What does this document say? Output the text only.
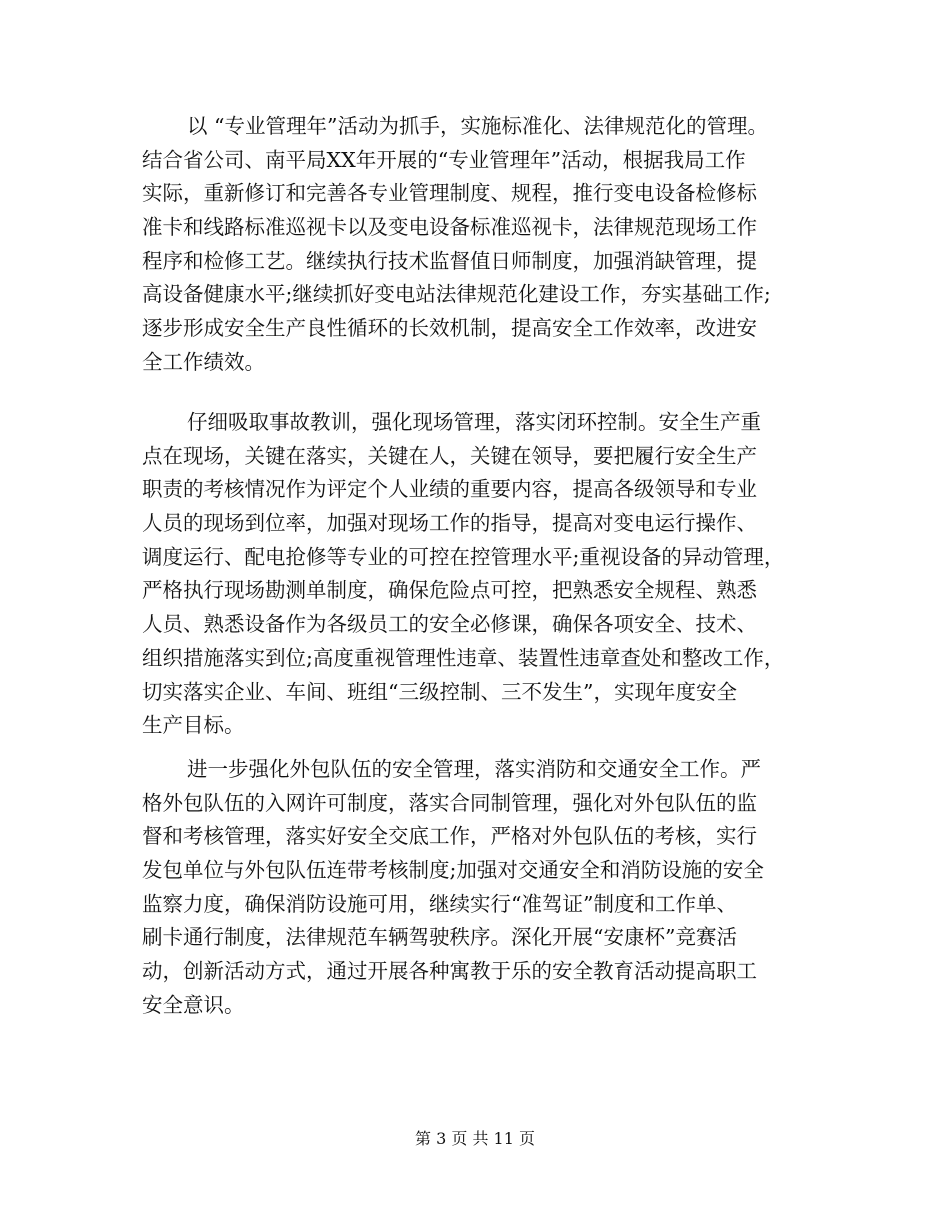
以 “专业管理年”活动为抓手，实施标准化、法律规范化的管理。
结合省公司、南平局XX年开展的“专业管理年”活动，根据我局工作
实际，重新修订和完善各专业管理制度、规程，推行变电设备检修标
准卡和线路标准巡视卡以及变电设备标准巡视卡，法律规范现场工作
程序和检修工艺。继续执行技术监督值日师制度，加强消缺管理，提
高设备健康水平;继续抓好变电站法律规范化建设工作，夯实基础工作;
逐步形成安全生产良性循环的长效机制，提高安全工作效率，改进安
全工作绩效。
仔细吸取事故教训，强化现场管理，落实闭环控制。安全生产重
点在现场，关键在落实，关键在人，关键在领导，要把履行安全生产
职责的考核情况作为评定个人业绩的重要内容，提高各级领导和专业
人员的现场到位率，加强对现场工作的指导，提高对变电运行操作、
调度运行、配电抢修等专业的可控在控管理水平;重视设备的异动管理，
严格执行现场勘测单制度，确保危险点可控，把熟悉安全规程、熟悉
人员、熟悉设备作为各级员工的安全必修课，确保各项安全、技术、
组织措施落实到位;高度重视管理性违章、装置性违章查处和整改工作，
切实落实企业、车间、班组“三级控制、三不发生”，实现年度安全
生产目标。
进一步强化外包队伍的安全管理，落实消防和交通安全工作。严
格外包队伍的入网许可制度，落实合同制管理，强化对外包队伍的监
督和考核管理，落实好安全交底工作，严格对外包队伍的考核，实行
发包单位与外包队伍连带考核制度;加强对交通安全和消防设施的安全
监察力度，确保消防设施可用，继续实行“准驾证”制度和工作单、
刷卡通行制度，法律规范车辆驾驶秩序。深化开展“安康杯”竞赛活
动，创新活动方式，通过开展各种寓教于乐的安全教育活动提高职工
安全意识。
第 3 页 共 11 页
